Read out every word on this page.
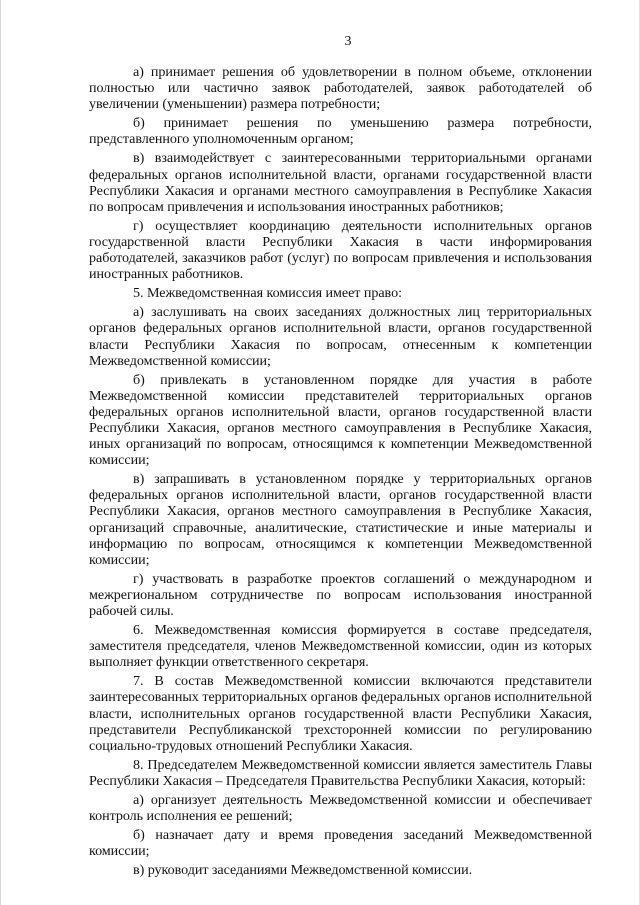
3

а) принимает решения об удовлетворении в полном объеме, отклонении полностью или частично заявок работодателей, заявок работодателей об увеличении (уменьшении) размера потребности;

б) принимает решения по уменьшению размера потребности, представленного уполномоченным органом;

в) взаимодействует с заинтересованными территориальными органами федеральных органов исполнительной власти, органами государственной власти Республики Хакасия и органами местного самоуправления в Республике Хакасия по вопросам привлечения и использования иностранных работников;

г) осуществляет координацию деятельности исполнительных органов государственной власти Республики Хакасия в части информирования работодателей, заказчиков работ (услуг) по вопросам привлечения и использования иностранных работников.

5. Межведомственная комиссия имеет право:

а) заслушивать на своих заседаниях должностных лиц территориальных органов федеральных органов исполнительной власти, органов государственной власти Республики Хакасия по вопросам, отнесенным к компетенции Межведомственной комиссии;

б) привлекать в установленном порядке для участия в работе Межведомственной комиссии представителей территориальных органов федеральных органов исполнительной власти, органов государственной власти Республики Хакасия, органов местного самоуправления в Республике Хакасия, иных организаций по вопросам, относящимся к компетенции Межведомственной комиссии;

в) запрашивать в установленном порядке у территориальных органов федеральных органов исполнительной власти, органов государственной власти Республики Хакасия, органов местного самоуправления в Республике Хакасия, организаций справочные, аналитические, статистические и иные материалы и информацию по вопросам, относящимся к компетенции Межведомственной комиссии;

г) участвовать в разработке проектов соглашений о международном и межрегиональном сотрудничестве по вопросам использования иностранной рабочей силы.

6. Межведомственная комиссия формируется в составе председателя, заместителя председателя, членов Межведомственной комиссии, один из которых выполняет функции ответственного секретаря.

7. В состав Межведомственной комиссии включаются представители заинтересованных территориальных органов федеральных органов исполнительной власти, исполнительных органов государственной власти Республики Хакасия, представители Республиканской трехсторонней комиссии по регулированию социально-трудовых отношений Республики Хакасия.

8. Председателем Межведомственной комиссии является заместитель Главы Республики Хакасия – Председателя Правительства Республики Хакасия, который:

а) организует деятельность Межведомственной комиссии и обеспечивает контроль исполнения ее решений;

б) назначает дату и время проведения заседаний Межведомственной комиссии;

в) руководит заседаниями Межведомственной комиссии.
